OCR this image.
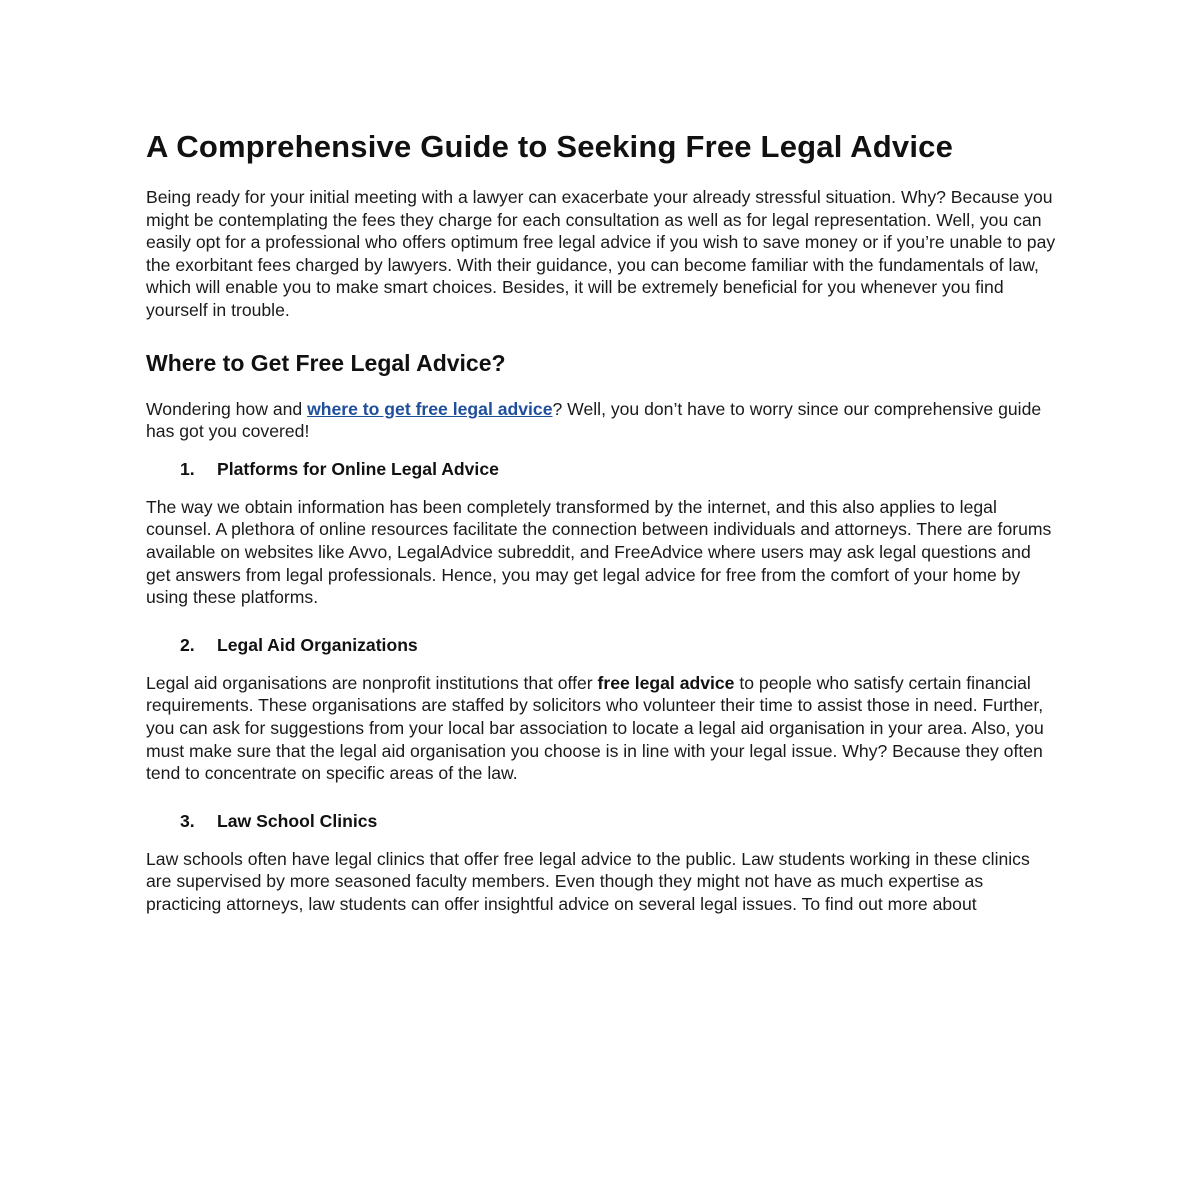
A Comprehensive Guide to Seeking Free Legal Advice

Being ready for your initial meeting with a lawyer can exacerbate your already stressful situation. Why? Because you might be contemplating the fees they charge for each consultation as well as for legal representation. Well, you can easily opt for a professional who offers optimum free legal advice if you wish to save money or if you’re unable to pay the exorbitant fees charged by lawyers. With their guidance, you can become familiar with the fundamentals of law, which will enable you to make smart choices. Besides, it will be extremely beneficial for you whenever you find yourself in trouble.

Where to Get Free Legal Advice?

Wondering how and where to get free legal advice? Well, you don’t have to worry since our comprehensive guide has got you covered!

1. Platforms for Online Legal Advice

The way we obtain information has been completely transformed by the internet, and this also applies to legal counsel. A plethora of online resources facilitate the connection between individuals and attorneys. There are forums available on websites like Avvo, LegalAdvice subreddit, and FreeAdvice where users may ask legal questions and get answers from legal professionals. Hence, you may get legal advice for free from the comfort of your home by using these platforms.

2. Legal Aid Organizations

Legal aid organisations are nonprofit institutions that offer free legal advice to people who satisfy certain financial requirements. These organisations are staffed by solicitors who volunteer their time to assist those in need. Further, you can ask for suggestions from your local bar association to locate a legal aid organisation in your area. Also, you must make sure that the legal aid organisation you choose is in line with your legal issue. Why? Because they often tend to concentrate on specific areas of the law.

3. Law School Clinics

Law schools often have legal clinics that offer free legal advice to the public. Law students working in these clinics are supervised by more seasoned faculty members. Even though they might not have as much expertise as practicing attorneys, law students can offer insightful advice on several legal issues. To find out more about
